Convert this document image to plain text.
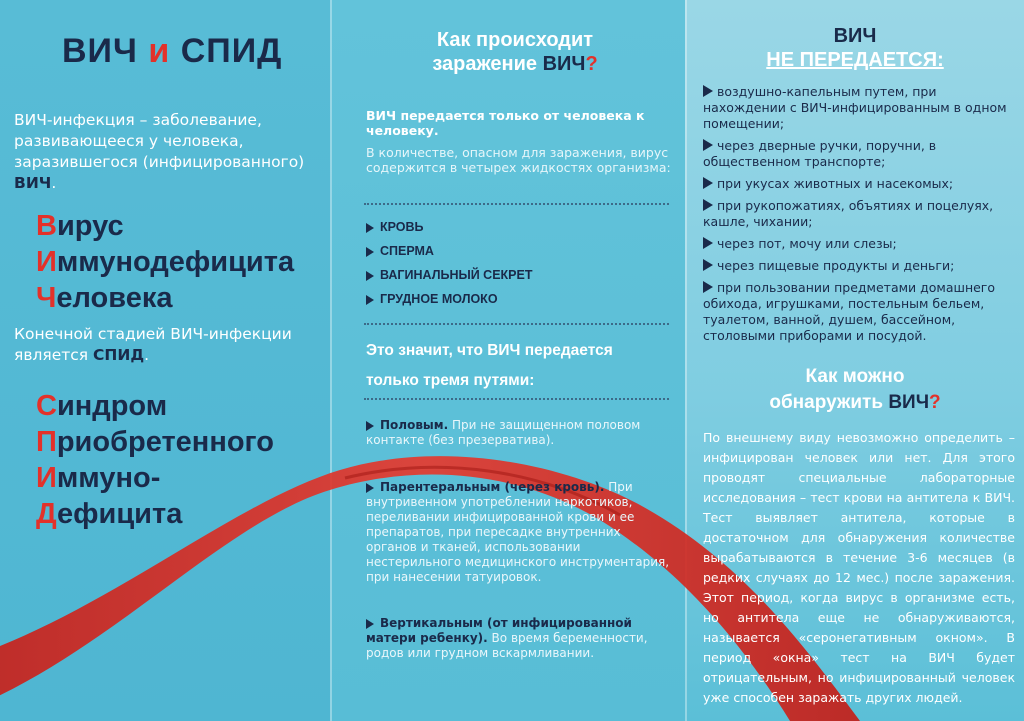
ВИЧ и СПИД
ВИЧ-инфекция – заболевание, развивающееся у человека, заразившегося (инфицированного) ВИЧ.
Вирус
Иммунодефицита
Человека
Конечной стадией ВИЧ-инфекции является СПИД.
Синдром
Приобретенного
Иммуно-
Дефицита
Как происходит
заражение ВИЧ?
ВИЧ передается только от человека к человеку.
В количестве, опасном для заражения, вирус содержится в четырех жидкостях организма:
КРОВЬ
СПЕРМА
ВАГИНАЛЬНЫЙ СЕКРЕТ
ГРУДНОЕ МОЛОКО
Это значит, что ВИЧ передается
только тремя путями:
Половым. При не защищенном половом контакте (без презерватива).
Парентеральным (через кровь). При внутривенном употреблении наркотиков, переливании инфицированной крови и ее препаратов, при пересадке внутренних органов и тканей, использовании нестерильного медицинского инструментария, при нанесении татуировок.
Вертикальным (от инфицированной матери ребенку). Во время беременности, родов или грудном вскармливании.
ВИЧ
НЕ ПЕРЕДАЕТСЯ:
воздушно-капельным путем, при нахождении с ВИЧ-инфицированным в одном помещении;
через дверные ручки, поручни, в общественном транспорте;
при укусах животных и насекомых;
при рукопожатиях, объятиях и поцелуях, кашле, чихании;
через пот, мочу или слезы;
через пищевые продукты и деньги;
при пользовании предметами домашнего обихода, игрушками, постельным бельем, туалетом, ванной, душем, бассейном, столовыми приборами и посудой.
Как можно
обнаружить ВИЧ?
По внешнему виду невозможно определить – инфицирован человек или нет. Для этого проводят специальные лабораторные исследования – тест крови на антитела к ВИЧ. Тест выявляет антитела, которые в достаточном для обнаружения количестве вырабатываются в течение 3-6 месяцев (в редких случаях до 12 мес.) после заражения. Этот период, когда вирус в организме есть, но антитела еще не обнаруживаются, называется «серонегативным окном». В период «окна» тест на ВИЧ будет отрицательным, но инфицированный человек уже способен заражать других людей.
